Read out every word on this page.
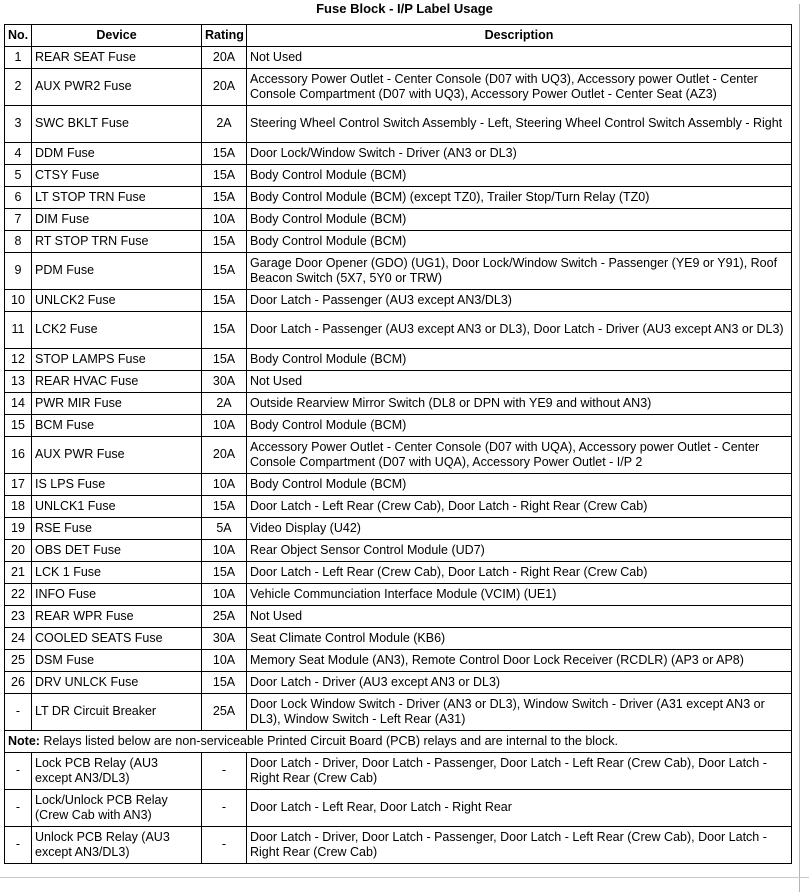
Fuse Block - I/P Label Usage
No.	Device	Rating	Description
1	REAR SEAT Fuse	20A	Not Used
2	AUX PWR2 Fuse	20A	Accessory Power Outlet - Center Console (D07 with UQ3), Accessory power Outlet - Center Console Compartment (D07 with UQ3), Accessory Power Outlet - Center Seat (AZ3)
3	SWC BKLT Fuse	2A	Steering Wheel Control Switch Assembly - Left, Steering Wheel Control Switch Assembly - Right
4	DDM Fuse	15A	Door Lock/Window Switch - Driver (AN3 or DL3)
5	CTSY Fuse	15A	Body Control Module (BCM)
6	LT STOP TRN Fuse	15A	Body Control Module (BCM) (except TZ0), Trailer Stop/Turn Relay (TZ0)
7	DIM Fuse	10A	Body Control Module (BCM)
8	RT STOP TRN Fuse	15A	Body Control Module (BCM)
9	PDM Fuse	15A	Garage Door Opener (GDO) (UG1), Door Lock/Window Switch - Passenger (YE9 or Y91), Roof Beacon Switch (5X7, 5Y0 or TRW)
10	UNLCK2 Fuse	15A	Door Latch - Passenger (AU3 except AN3/DL3)
11	LCK2 Fuse	15A	Door Latch - Passenger (AU3 except AN3 or DL3), Door Latch - Driver (AU3 except AN3 or DL3)
12	STOP LAMPS Fuse	15A	Body Control Module (BCM)
13	REAR HVAC Fuse	30A	Not Used
14	PWR MIR Fuse	2A	Outside Rearview Mirror Switch (DL8 or DPN with YE9 and without AN3)
15	BCM Fuse	10A	Body Control Module (BCM)
16	AUX PWR Fuse	20A	Accessory Power Outlet - Center Console (D07 with UQA), Accessory power Outlet - Center Console Compartment (D07 with UQA), Accessory Power Outlet - I/P 2
17	IS LPS Fuse	10A	Body Control Module (BCM)
18	UNLCK1 Fuse	15A	Door Latch - Left Rear (Crew Cab), Door Latch - Right Rear (Crew Cab)
19	RSE Fuse	5A	Video Display (U42)
20	OBS DET Fuse	10A	Rear Object Sensor Control Module (UD7)
21	LCK 1 Fuse	15A	Door Latch - Left Rear (Crew Cab), Door Latch - Right Rear (Crew Cab)
22	INFO Fuse	10A	Vehicle Communciation Interface Module (VCIM) (UE1)
23	REAR WPR Fuse	25A	Not Used
24	COOLED SEATS Fuse	30A	Seat Climate Control Module (KB6)
25	DSM Fuse	10A	Memory Seat Module (AN3), Remote Control Door Lock Receiver (RCDLR) (AP3 or AP8)
26	DRV UNLCK Fuse	15A	Door Latch - Driver (AU3 except AN3 or DL3)
-	LT DR Circuit Breaker	25A	Door Lock Window Switch - Driver (AN3 or DL3), Window Switch - Driver (A31 except AN3 or DL3), Window Switch - Left Rear (A31)
Note: Relays listed below are non-serviceable Printed Circuit Board (PCB) relays and are internal to the block.			
-	Lock PCB Relay (AU3 except AN3/DL3)	-	Door Latch - Driver, Door Latch - Passenger, Door Latch - Left Rear (Crew Cab), Door Latch - Right Rear (Crew Cab)
-	Lock/Unlock PCB Relay (Crew Cab with AN3)	-	Door Latch - Left Rear, Door Latch - Right Rear
-	Unlock PCB Relay (AU3 except AN3/DL3)	-	Door Latch - Driver, Door Latch - Passenger, Door Latch - Left Rear (Crew Cab), Door Latch - Right Rear (Crew Cab)
